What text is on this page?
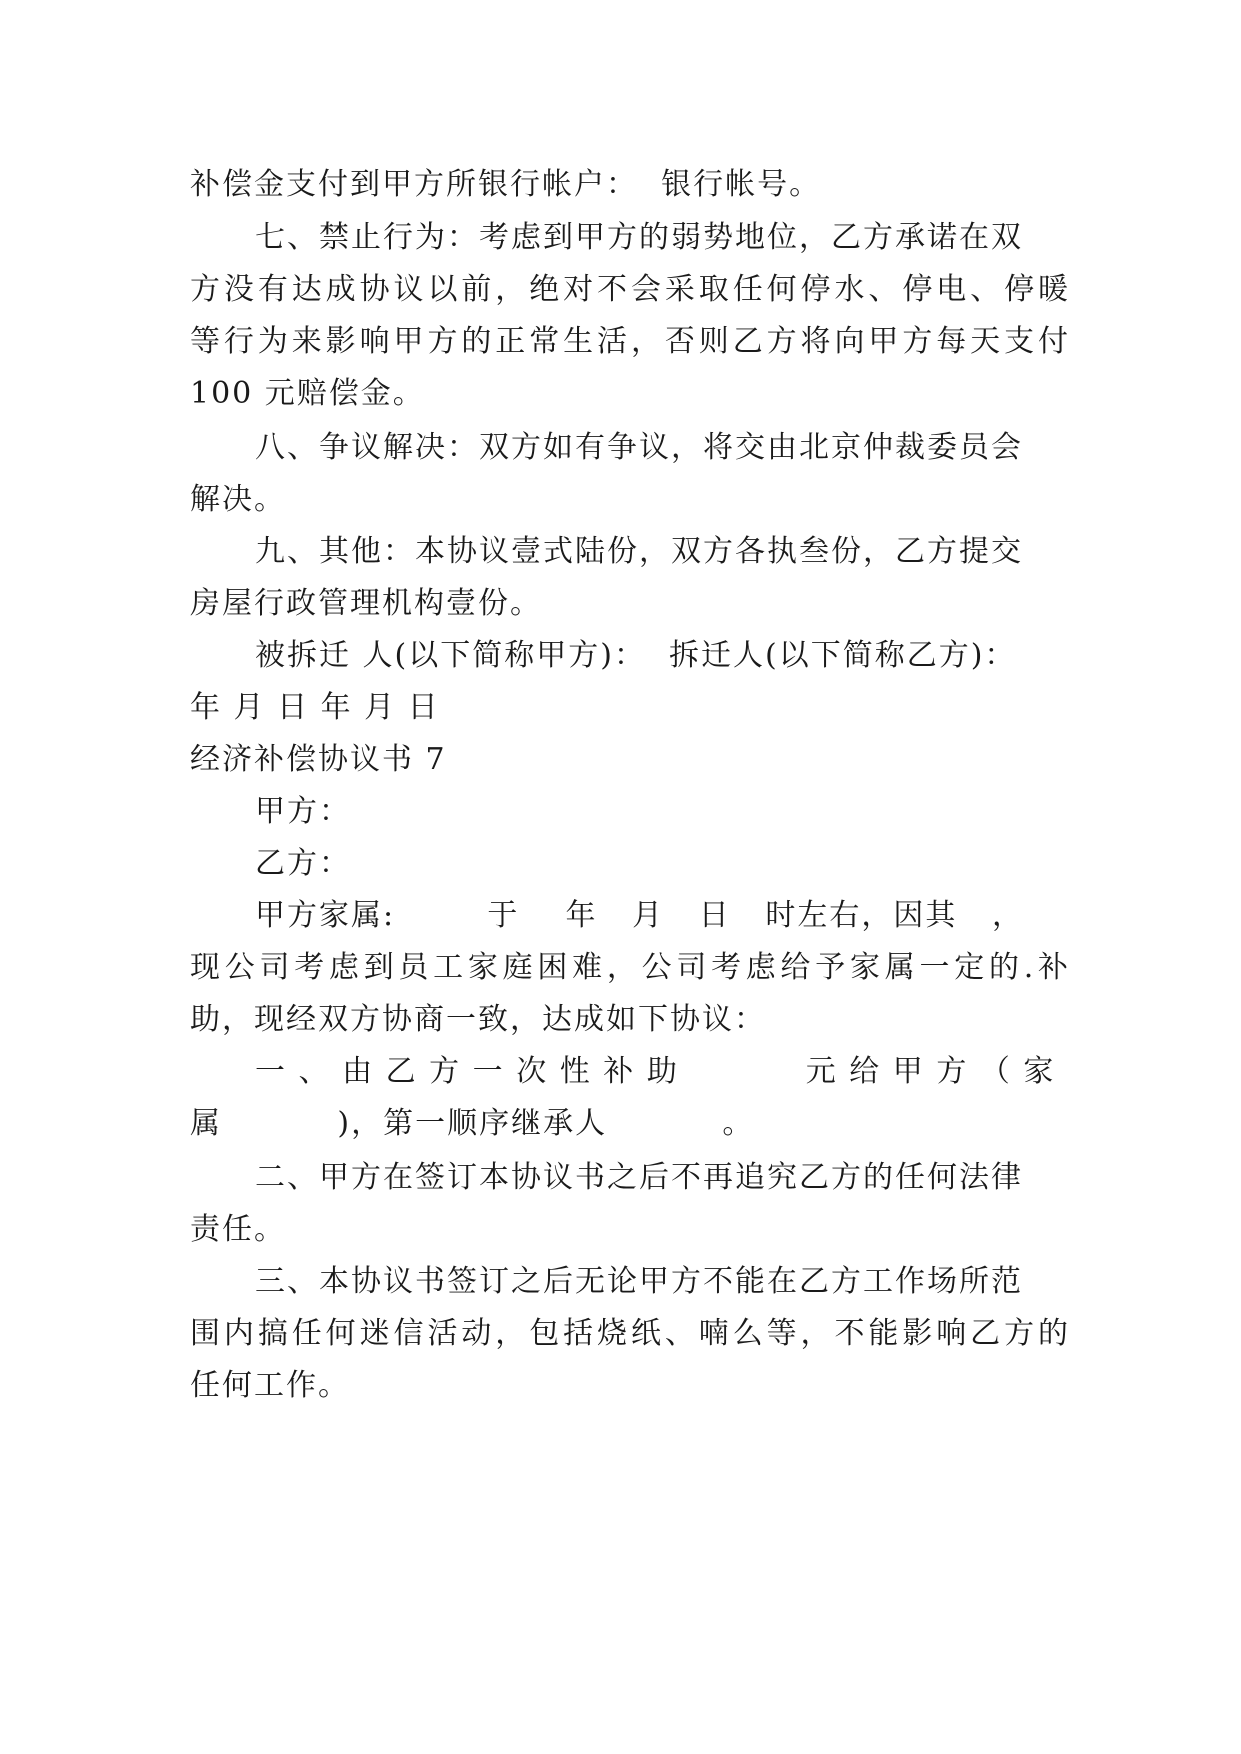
补偿金支付到甲方所银行帐户：  银行帐号。
七、禁止行为：考虑到甲方的弱势地位，乙方承诺在双
方没有达成协议以前，绝对不会采取任何停水、停电、停暖
等行为来影响甲方的正常生活，否则乙方将向甲方每天支付
100 元赔偿金。
八、争议解决：双方如有争议，将交由北京仲裁委员会
解决。
九、其他：本协议壹式陆份，双方各执叁份，乙方提交
房屋行政管理机构壹份。
被拆迁 人(以下简称甲方)：  拆迁人(以下简称乙方)：
年 月 日 年 月 日
经济补偿协议书 7
甲方：
乙方：
甲方家属:        于    年   月   日   时左右，因其   ，
现公司考虑到员工家庭困难，公司考虑给予家属一定的.补
助，现经双方协商一致，达成如下协议：
一 、 由 乙 方 一 次 性 补 助           元 给 甲 方 （ 家
属          )，第一顺序继承人          。
二、甲方在签订本协议书之后不再追究乙方的任何法律
责任。
三、本协议书签订之后无论甲方不能在乙方工作场所范
围内搞任何迷信活动，包括烧纸、喃么等，不能影响乙方的
任何工作。
